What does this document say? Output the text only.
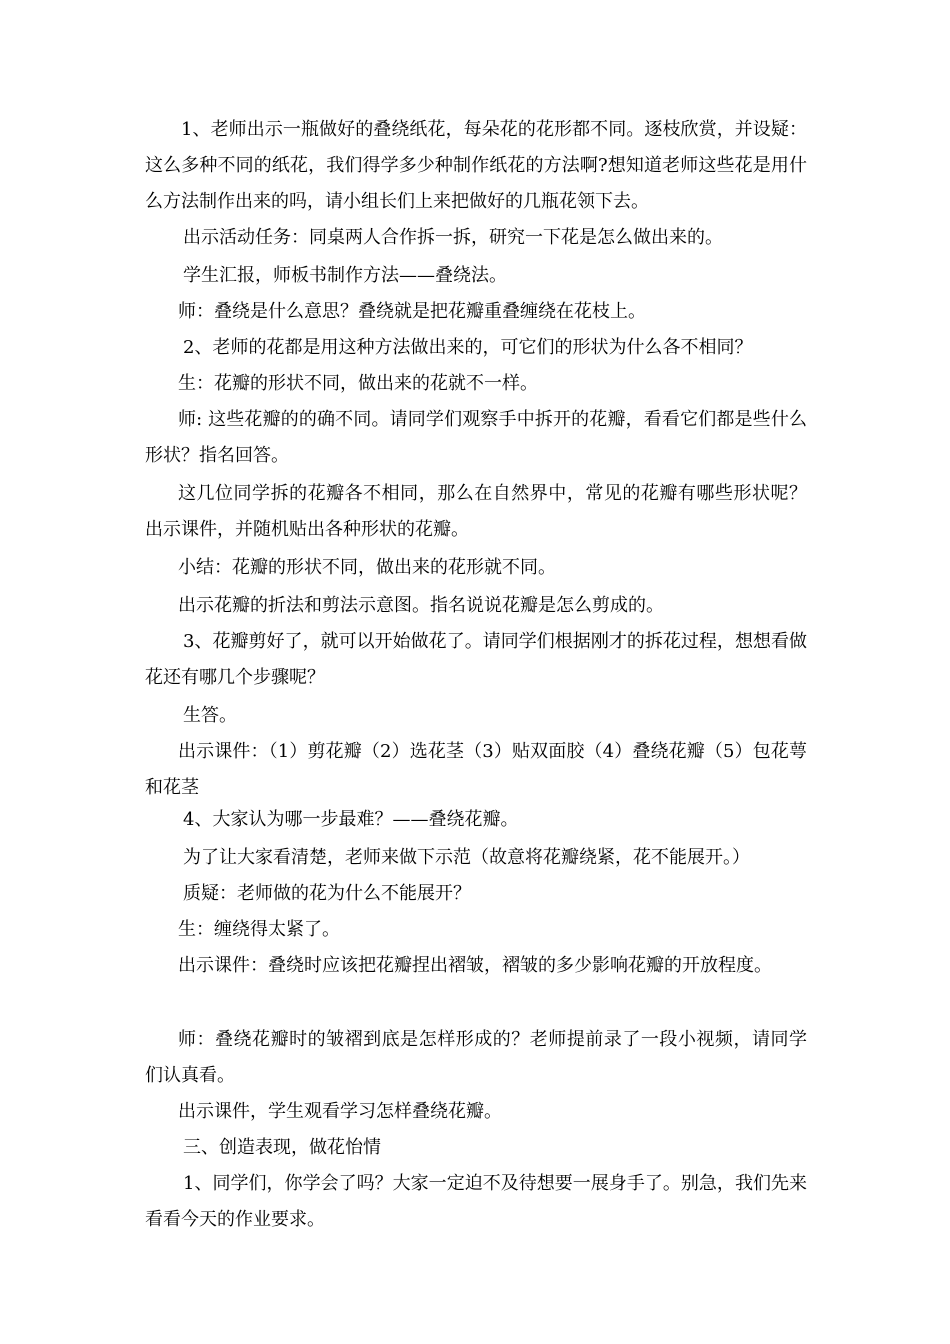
1、老师出示一瓶做好的叠绕纸花，每朵花的花形都不同。逐枝欣赏，并设疑：这么多种不同的纸花，我们得学多少种制作纸花的方法啊?想知道老师这些花是用什么方法制作出来的吗，请小组长们上来把做好的几瓶花领下去。

出示活动任务：同桌两人合作拆一拆，研究一下花是怎么做出来的。

学生汇报，师板书制作方法——叠绕法。

师：叠绕是什么意思？叠绕就是把花瓣重叠缠绕在花枝上。

2、老师的花都是用这种方法做出来的，可它们的形状为什么各不相同？

生：花瓣的形状不同，做出来的花就不一样。

师: 这些花瓣的的确不同。请同学们观察手中拆开的花瓣，看看它们都是些什么形状？指名回答。

这几位同学拆的花瓣各不相同，那么在自然界中，常见的花瓣有哪些形状呢？出示课件，并随机贴出各种形状的花瓣。

小结：花瓣的形状不同，做出来的花形就不同。

出示花瓣的折法和剪法示意图。指名说说花瓣是怎么剪成的。

3、花瓣剪好了，就可以开始做花了。请同学们根据刚才的拆花过程，想想看做花还有哪几个步骤呢？

生答。

出示课件：（1）剪花瓣（2）选花茎（3）贴双面胶（4）叠绕花瓣（5）包花萼和花茎

4、大家认为哪一步最难？——叠绕花瓣。

为了让大家看清楚，老师来做下示范（故意将花瓣绕紧，花不能展开。）

质疑：老师做的花为什么不能展开？

生：缠绕得太紧了。

出示课件：叠绕时应该把花瓣捏出褶皱，褶皱的多少影响花瓣的开放程度。

师：叠绕花瓣时的皱褶到底是怎样形成的？老师提前录了一段小视频，请同学们认真看。

出示课件，学生观看学习怎样叠绕花瓣。

三、创造表现，做花怡情

1、同学们，你学会了吗？大家一定迫不及待想要一展身手了。别急，我们先来看看今天的作业要求。
